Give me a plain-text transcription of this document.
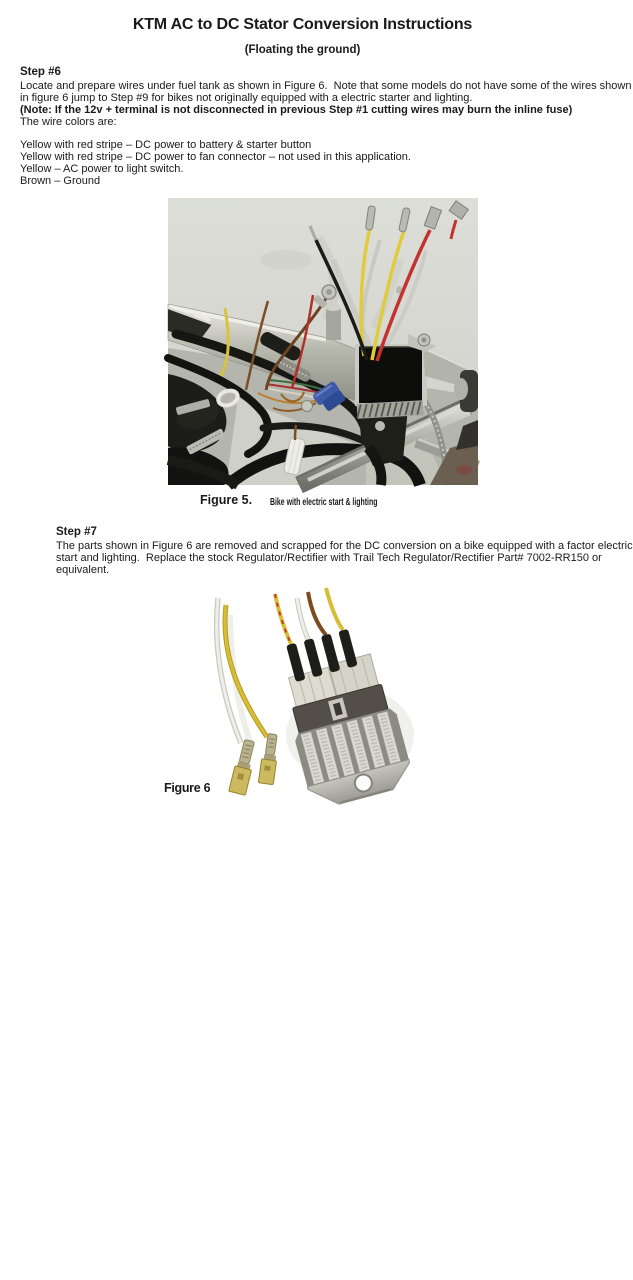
KTM AC to DC Stator Conversion Instructions
(Floating the ground)
Step #6
Locate and prepare wires under fuel tank as shown in Figure 6.  Note that some models do not have some of the wires shown
in figure 6 jump to Step #9 for bikes not originally equipped with a electric starter and lighting.
(Note: If the 12v + terminal is not disconnected in previous Step #1 cutting wires may burn the inline fuse)
The wire colors are:
Yellow with red stripe – DC power to battery & starter button
Yellow with red stripe – DC power to fan connector – not used in this application.
Yellow – AC power to light switch.
Brown – Ground
Figure 5. Bike with electric start & lighting
Step #7
The parts shown in Figure 6 are removed and scrapped for the DC conversion on a bike equipped with a factor electric
start and lighting.  Replace the stock Regulator/Rectifier with Trail Tech Regulator/Rectifier Part# 7002-RR150 or
equivalent.
Figure 6
